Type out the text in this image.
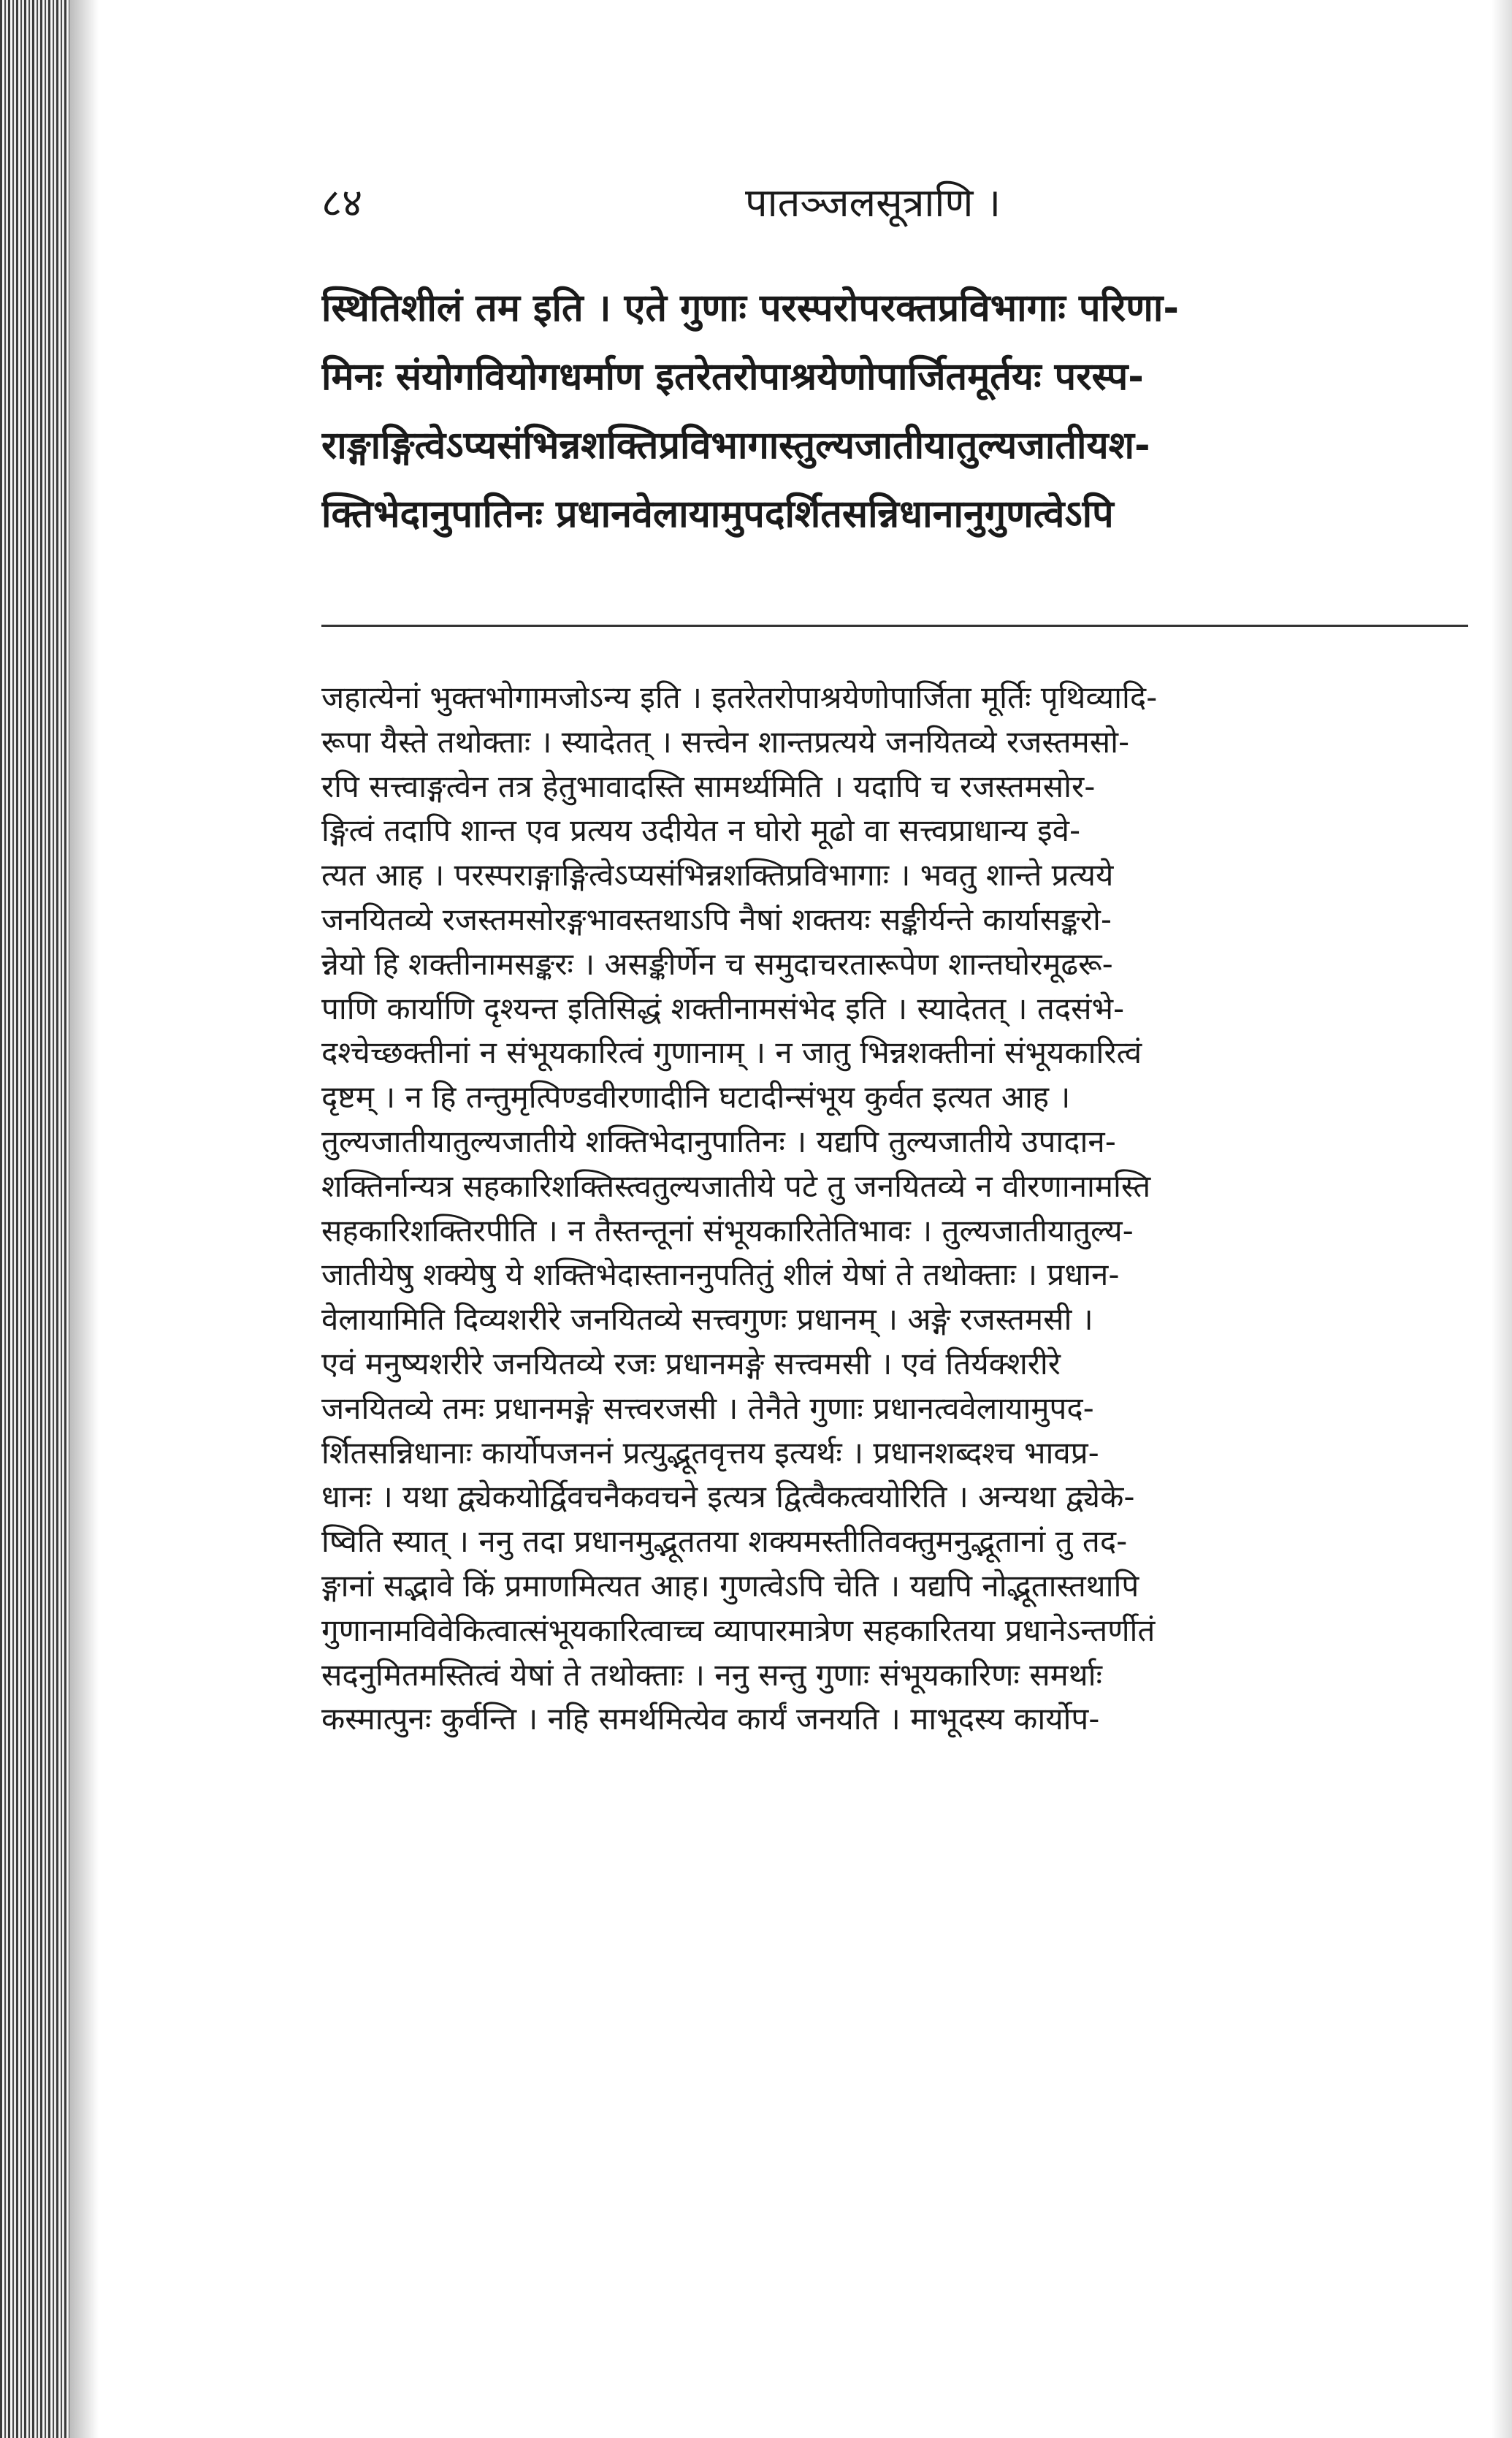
८४	पातञ्जलसूत्राणि ।
स्थितिशीलं तम इति । एते गुणाः परस्परोपरक्तप्रविभागाः परिणा-
मिनः संयोगवियोगधर्माण इतरेतरोपाश्रयेणोपार्जितमूर्तयः परस्प-
राङ्गाङ्गित्वेऽप्यसंभिन्नशक्तिप्रविभागास्तुल्यजातीयातुल्यजातीयश-
क्तिभेदानुपातिनः प्रधानवेलायामुपदर्शितसन्निधानानुगुणत्वेऽपि
जहात्येनां भुक्तभोगामजोऽन्य इति । इतरेतरोपाश्रयेणोपार्जिता मूर्तिः पृथिव्यादि-
रूपा यैस्ते तथोक्ताः । स्यादेतत् । सत्त्वेन शान्तप्रत्यये जनयितव्ये रजस्तमसो-
रपि सत्त्वाङ्गत्वेन तत्र हेतुभावादस्ति सामर्थ्यमिति । यदापि च रजस्तमसोर-
ङ्गित्वं तदापि शान्त एव प्रत्यय उदीयेत न घोरो मूढो वा सत्त्वप्राधान्य इवे-
त्यत आह । परस्पराङ्गाङ्गित्वेऽप्यसंभिन्नशक्तिप्रविभागाः । भवतु शान्ते प्रत्यये
जनयितव्ये रजस्तमसोरङ्गभावस्तथाऽपि नैषां शक्तयः सङ्कीर्यन्ते कार्यासङ्करो-
न्नेयो हि शक्तीनामसङ्करः । असङ्कीर्णेन च समुदाचरतारूपेण शान्तघोरमूढरू-
पाणि कार्याणि दृश्यन्त इतिसिद्धं शक्तीनामसंभेद इति । स्यादेतत् । तदसंभे-
दश्चेच्छक्तीनां न संभूयकारित्वं गुणानाम् । न जातु भिन्नशक्तीनां संभूयकारित्वं
दृष्टम् । न हि तन्तुमृत्पिण्डवीरणादीनि घटादीन्संभूय कुर्वत इत्यत आह ।
तुल्यजातीयातुल्यजातीये शक्तिभेदानुपातिनः । यद्यपि तुल्यजातीये उपादान-
शक्तिर्नान्यत्र सहकारिशक्तिस्त्वतुल्यजातीये पटे तु जनयितव्ये न वीरणानामस्ति
सहकारिशक्तिरपीति । न तैस्तन्तूनां संभूयकारितेतिभावः । तुल्यजातीयातुल्य-
जातीयेषु शक्येषु ये शक्तिभेदास्ताननुपतितुं शीलं येषां ते तथोक्ताः । प्रधान-
वेलायामिति दिव्यशरीरे जनयितव्ये सत्त्वगुणः प्रधानम् । अङ्गे रजस्तमसी ।
एवं मनुष्यशरीरे जनयितव्ये रजः प्रधानमङ्गे सत्त्वमसी । एवं तिर्यक्शरीरे
जनयितव्ये तमः प्रधानमङ्गे सत्त्वरजसी । तेनैते गुणाः प्रधानत्ववेलायामुपद-
र्शितसन्निधानाः कार्योपजननं प्रत्युद्भूतवृत्तय इत्यर्थः । प्रधानशब्दश्च भावप्र-
धानः । यथा द्व्येकयोर्द्विवचनैकवचने इत्यत्र द्वित्वैकत्वयोरिति । अन्यथा द्व्येके-
ष्विति स्यात् । ननु तदा प्रधानमुद्भूततया शक्यमस्तीतिवक्तुमनुद्भूतानां तु तद-
ङ्गानां सद्भावे किं प्रमाणमित्यत आह। गुणत्वेऽपि चेति । यद्यपि नोद्भूतास्तथापि
गुणानामविवेकित्वात्संभूयकारित्वाच्च व्यापारमात्रेण सहकारितया प्रधानेऽन्तर्णीतं
सदनुमितमस्तित्वं येषां ते तथोक्ताः । ननु सन्तु गुणाः संभूयकारिणः समर्थाः
कस्मात्पुनः कुर्वन्ति । नहि समर्थमित्येव कार्यं जनयति । माभूदस्य कार्योप-
